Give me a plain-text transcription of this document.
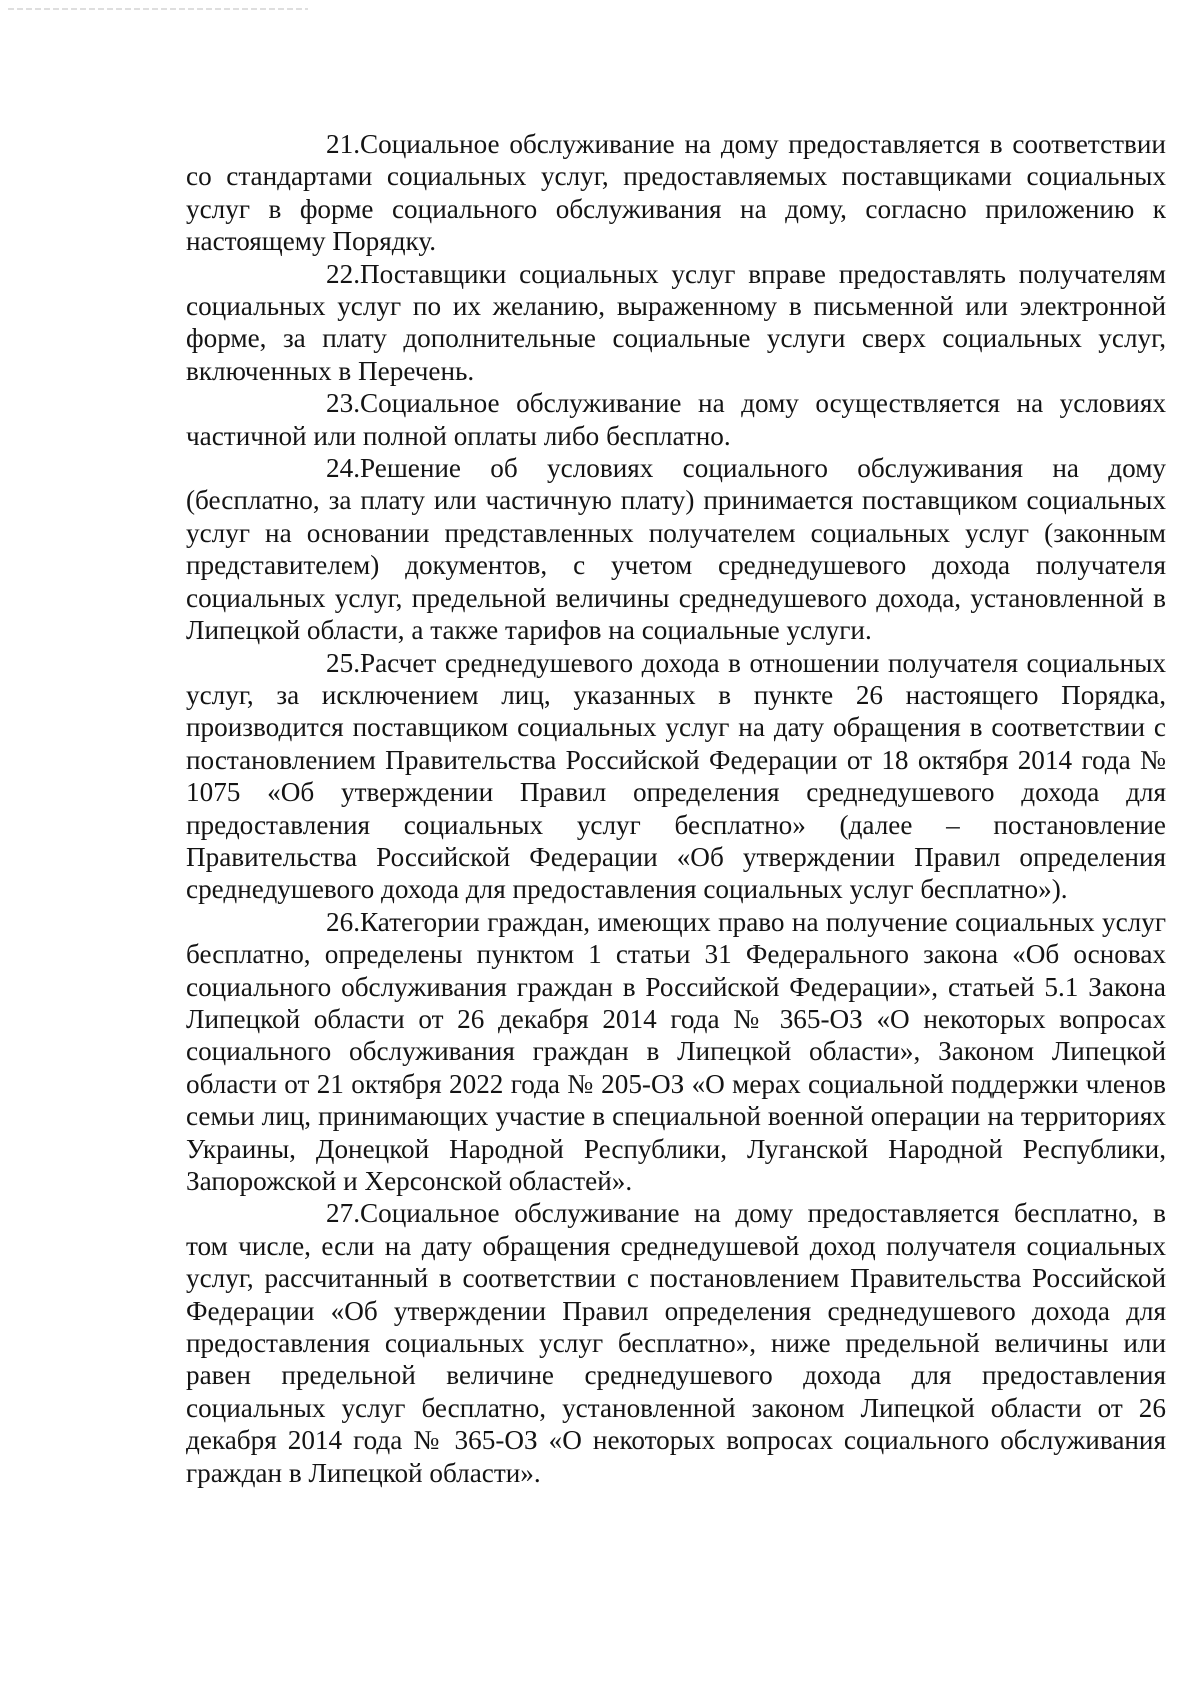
21.Социальное обслуживание на дому предоставляется в соответствии со стандартами социальных услуг, предоставляемых поставщиками социальных услуг в форме социального обслуживания на дому, согласно приложению к настоящему Порядку.

22.Поставщики социальных услуг вправе предоставлять получателям социальных услуг по их желанию, выраженному в письменной или электронной форме, за плату дополнительные социальные услуги сверх социальных услуг, включенных в Перечень.

23.Социальное обслуживание на дому осуществляется на условиях частичной или полной оплаты либо бесплатно.

24.Решение об условиях социального обслуживания на дому (бесплатно, за плату или частичную плату) принимается поставщиком социальных услуг на основании представленных получателем социальных услуг (законным представителем) документов, с учетом среднедушевого дохода получателя социальных услуг, предельной величины среднедушевого дохода, установленной в Липецкой области, а также тарифов на социальные услуги.

25.Расчет среднедушевого дохода в отношении получателя социальных услуг, за исключением лиц, указанных в пункте 26 настоящего Порядка, производится поставщиком социальных услуг на дату обращения в соответствии с постановлением Правительства Российской Федерации от 18 октября 2014 года № 1075 «Об утверждении Правил определения среднедушевого дохода для предоставления социальных услуг бесплатно» (далее – постановление Правительства Российской Федерации «Об утверждении Правил определения среднедушевого дохода для предоставления социальных услуг бесплатно»).

26.Категории граждан, имеющих право на получение социальных услуг бесплатно, определены пунктом 1 статьи 31 Федерального закона «Об основах социального обслуживания граждан в Российской Федерации», статьей 5.1 Закона Липецкой области от 26 декабря 2014 года № 365-ОЗ «О некоторых вопросах социального обслуживания граждан в Липецкой области», Законом Липецкой области от 21 октября 2022 года № 205-ОЗ «О мерах социальной поддержки членов семьи лиц, принимающих участие в специальной военной операции на территориях Украины, Донецкой Народной Республики, Луганской Народной Республики, Запорожской и Херсонской областей».

27.Социальное обслуживание на дому предоставляется бесплатно, в том числе, если на дату обращения среднедушевой доход получателя социальных услуг, рассчитанный в соответствии с постановлением Правительства Российской Федерации «Об утверждении Правил определения среднедушевого дохода для предоставления социальных услуг бесплатно», ниже предельной величины или равен предельной величине среднедушевого дохода для предоставления социальных услуг бесплатно, установленной законом Липецкой области от 26 декабря 2014 года № 365-ОЗ «О некоторых вопросах социального обслуживания граждан в Липецкой области».
